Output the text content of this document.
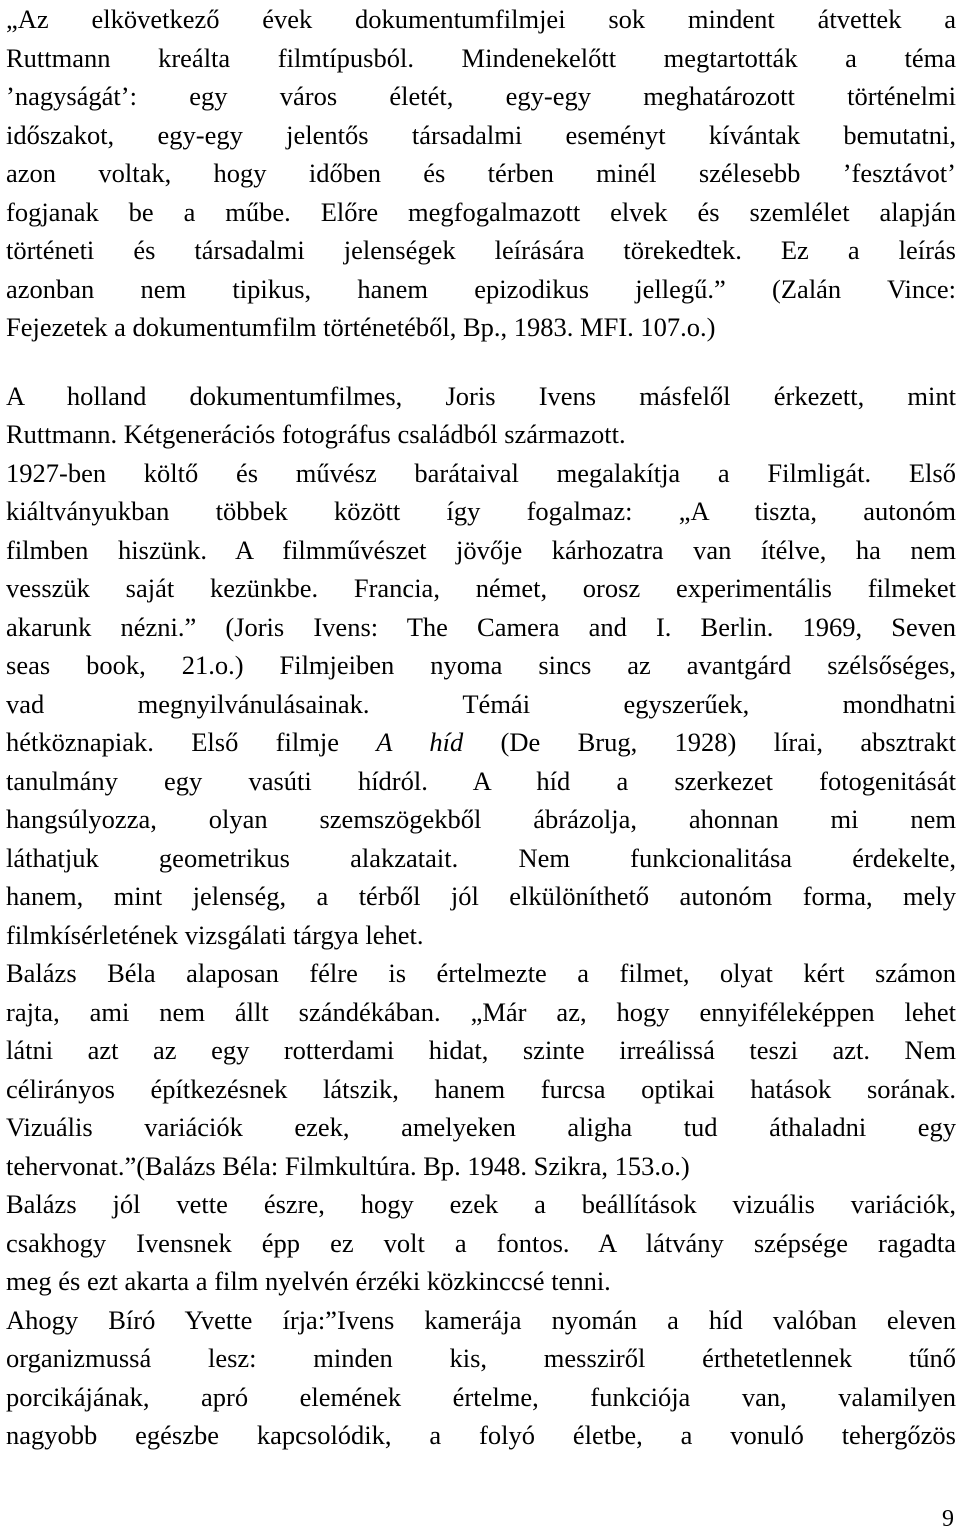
„Az elkövetkező évek dokumentumfilmjei sok mindent átvettek a
Ruttmann kreálta filmtípusból. Mindenekelőtt megtartották a téma
’nagyságát’: egy város életét, egy-egy meghatározott történelmi
időszakot, egy-egy jelentős társadalmi eseményt kívántak bemutatni,
azon voltak, hogy időben és térben minél szélesebb ’fesztávot’
fogjanak be a műbe. Előre megfogalmazott elvek és szemlélet alapján
történeti és társadalmi jelenségek leírására törekedtek. Ez a leírás
azonban nem tipikus, hanem epizodikus jellegű.” (Zalán Vince:
Fejezetek a dokumentumfilm történetéből, Bp., 1983. MFI. 107.o.)
A holland dokumentumfilmes, Joris Ivens másfelől érkezett, mint
Ruttmann. Kétgenerációs fotográfus családból származott.
1927-ben költő és művész barátaival megalakítja a Filmligát. Első
kiáltványukban többek között így fogalmaz: „A tiszta, autonóm
filmben hiszünk. A filmművészet jövője kárhozatra van ítélve, ha nem
vesszük saját kezünkbe. Francia, német, orosz experimentális filmeket
akarunk nézni.” (Joris Ivens: The Camera and I. Berlin. 1969, Seven
seas book, 21.o.) Filmjeiben nyoma sincs az avantgárd szélsőséges,
vad megnyilvánulásainak. Témái egyszerűek, mondhatni
hétköznapiak. Első filmje A híd (De Brug, 1928) lírai, absztrakt
tanulmány egy vasúti hídról. A híd a szerkezet fotogenitását
hangsúlyozza, olyan szemszögekből ábrázolja, ahonnan mi nem
láthatjuk geometrikus alakzatait. Nem funkcionalitása érdekelte,
hanem, mint jelenség, a térből jól elkülöníthető autonóm forma, mely
filmkísérletének vizsgálati tárgya lehet.
Balázs Béla alaposan félre is értelmezte a filmet, olyat kért számon
rajta, ami nem állt szándékában. „Már az, hogy ennyiféleképpen lehet
látni azt az egy rotterdami hidat, szinte irreálissá teszi azt. Nem
célirányos építkezésnek látszik, hanem furcsa optikai hatások sorának.
Vizuális variációk ezek, amelyeken aligha tud áthaladni egy
tehervonat.”(Balázs Béla: Filmkultúra. Bp. 1948. Szikra, 153.o.)
Balázs jól vette észre, hogy ezek a beállítások vizuális variációk,
csakhogy Ivensnek épp ez volt a fontos. A látvány szépsége ragadta
meg és ezt akarta a film nyelvén érzéki közkinccsé tenni.
Ahogy Bíró Yvette írja:”Ivens kamerája nyomán a híd valóban eleven
organizmussá lesz: minden kis, messziről érthetetlennek tűnő
porcikájának, apró elemének értelme, funkciója van, valamilyen
nagyobb egészbe kapcsolódik, a folyó életbe, a vonuló tehergőzös
9
